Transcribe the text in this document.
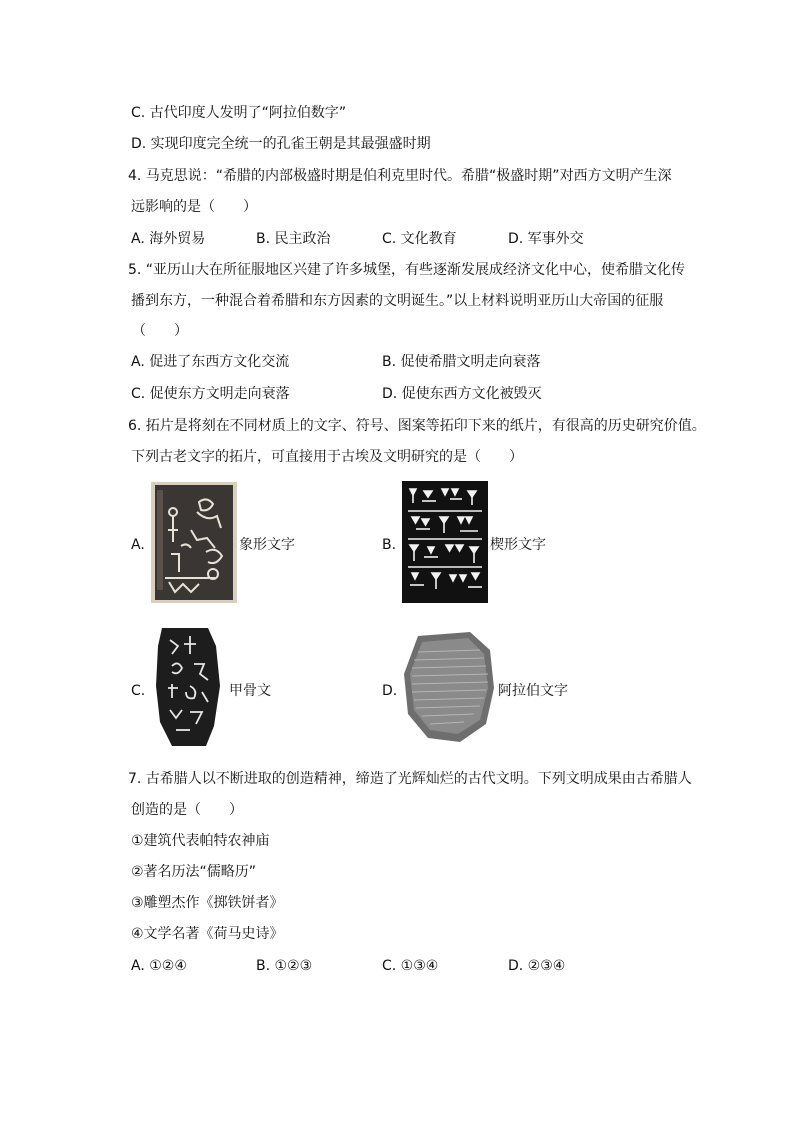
C. 古代印度人发明了“阿拉伯数字”
D. 实现印度完全统一的孔雀王朝是其最强盛时期
4. 马克思说：“希腊的内部极盛时期是伯利克里时代。希腊“极盛时期”对西方文明产生深
远影响的是（　　）
A. 海外贸易	B. 民主政治	C. 文化教育	D. 军事外交
5. “亚历山大在所征服地区兴建了许多城堡，有些逐渐发展成经济文化中心，使希腊文化传
播到东方，一种混合着希腊和东方因素的文明诞生。”以上材料说明亚历山大帝国的征服
（　　）
A. 促进了东西方文化交流	B. 促使希腊文明走向衰落
C. 促使东方文明走向衰落	D. 促使东西方文化被毁灭
6. 拓片是将刻在不同材质上的文字、符号、图案等拓印下来的纸片，有很高的历史研究价值。
下列古老文字的拓片，可直接用于古埃及文明研究的是（　　）
A.	象形文字	B.	楔形文字
C.	甲骨文	D.	阿拉伯文字
7. 古希腊人以不断进取的创造精神，缔造了光辉灿烂的古代文明。下列文明成果由古希腊人
创造的是（　　）
①建筑代表帕特农神庙
②著名历法“儒略历”
③雕塑杰作《掷铁饼者》
④文学名著《荷马史诗》
A. ①②④	B. ①②③	C. ①③④	D. ②③④
